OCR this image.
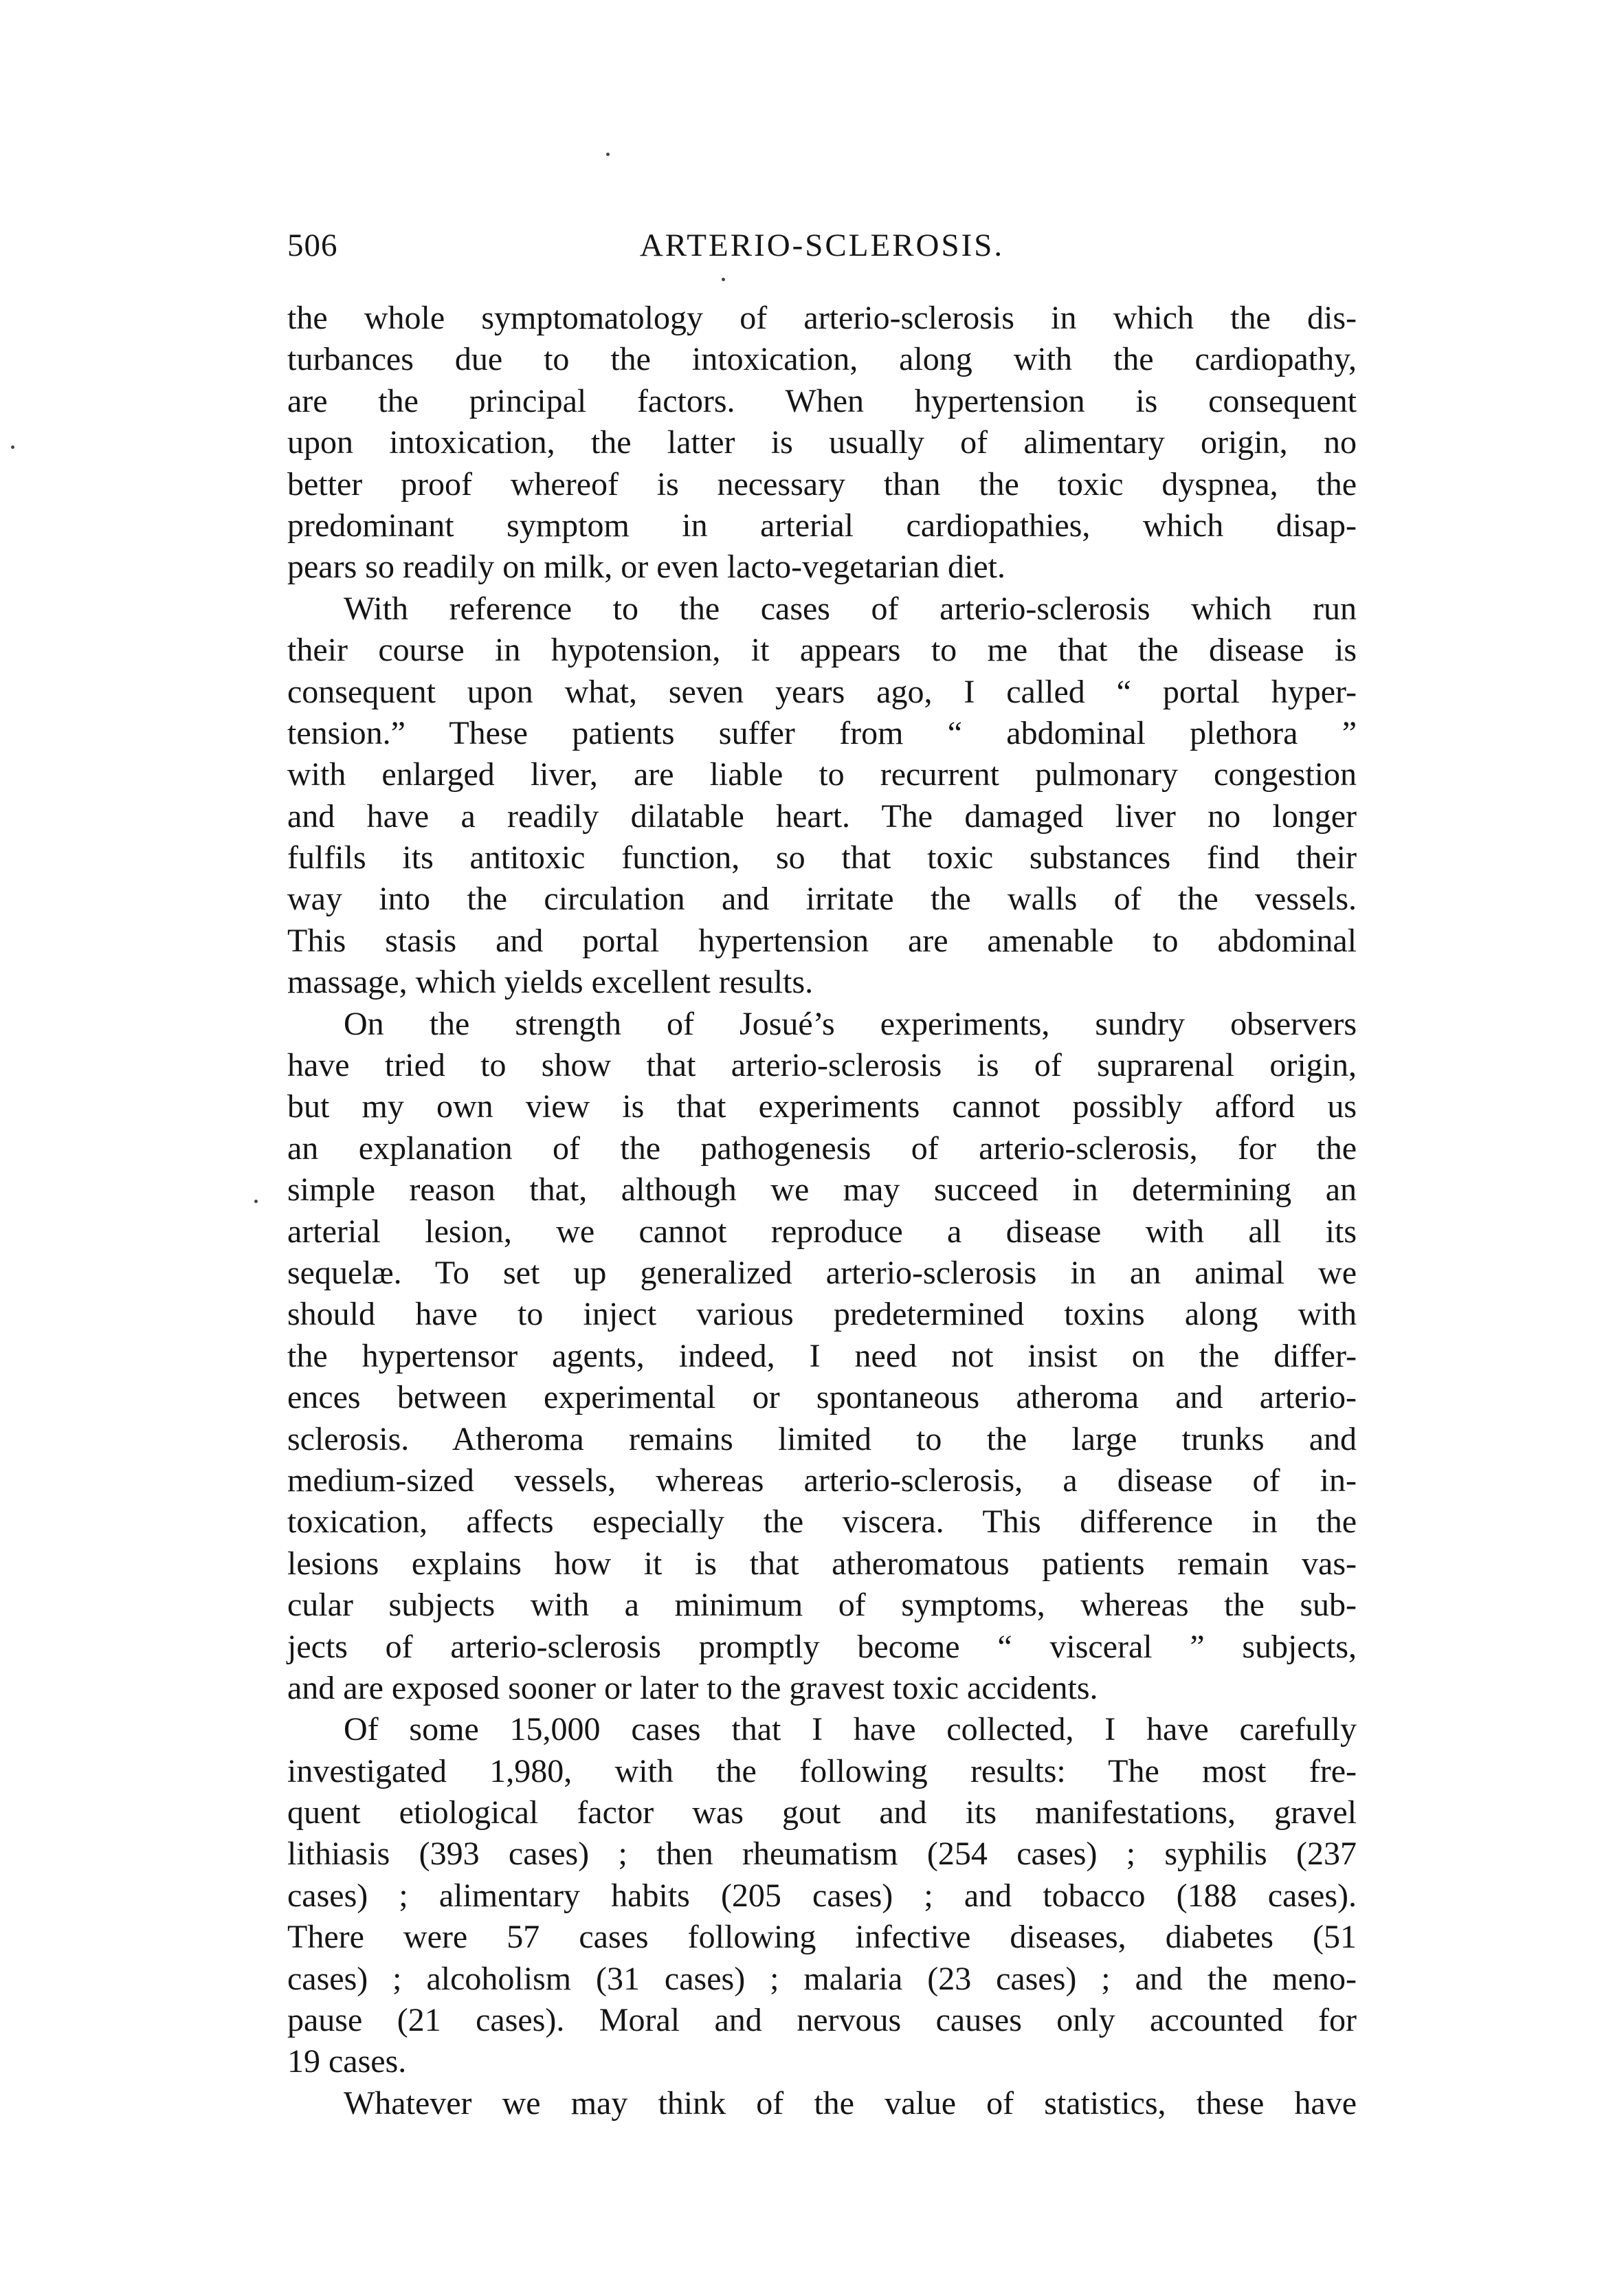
506	ARTERIO-SCLEROSIS.
the whole symptomatology of arterio-sclerosis in which the dis-
turbances due to the intoxication, along with the cardiopathy,
are the principal factors. When hypertension is consequent
upon intoxication, the latter is usually of alimentary origin, no
better proof whereof is necessary than the toxic dyspnea, the
predominant symptom in arterial cardiopathies, which disap-
pears so readily on milk, or even lacto-vegetarian diet.
With reference to the cases of arterio-sclerosis which run
their course in hypotension, it appears to me that the disease is
consequent upon what, seven years ago, I called “ portal hyper-
tension.” These patients suffer from “ abdominal plethora ”
with enlarged liver, are liable to recurrent pulmonary congestion
and have a readily dilatable heart. The damaged liver no longer
fulfils its antitoxic function, so that toxic substances find their
way into the circulation and irritate the walls of the vessels.
This stasis and portal hypertension are amenable to abdominal
massage, which yields excellent results.
On the strength of Josué’s experiments, sundry observers
have tried to show that arterio-sclerosis is of suprarenal origin,
but my own view is that experiments cannot possibly afford us
an explanation of the pathogenesis of arterio-sclerosis, for the
simple reason that, although we may succeed in determining an
arterial lesion, we cannot reproduce a disease with all its
sequelæ. To set up generalized arterio-sclerosis in an animal we
should have to inject various predetermined toxins along with
the hypertensor agents, indeed, I need not insist on the differ-
ences between experimental or spontaneous atheroma and arterio-
sclerosis. Atheroma remains limited to the large trunks and
medium-sized vessels, whereas arterio-sclerosis, a disease of in-
toxication, affects especially the viscera. This difference in the
lesions explains how it is that atheromatous patients remain vas-
cular subjects with a minimum of symptoms, whereas the sub-
jects of arterio-sclerosis promptly become “ visceral ” subjects,
and are exposed sooner or later to the gravest toxic accidents.
Of some 15,000 cases that I have collected, I have carefully
investigated 1,980, with the following results: The most fre-
quent etiological factor was gout and its manifestations, gravel
lithiasis (393 cases) ; then rheumatism (254 cases) ; syphilis (237
cases) ; alimentary habits (205 cases) ; and tobacco (188 cases).
There were 57 cases following infective diseases, diabetes (51
cases) ; alcoholism (31 cases) ; malaria (23 cases) ; and the meno-
pause (21 cases). Moral and nervous causes only accounted for
19 cases.
Whatever we may think of the value of statistics, these have
